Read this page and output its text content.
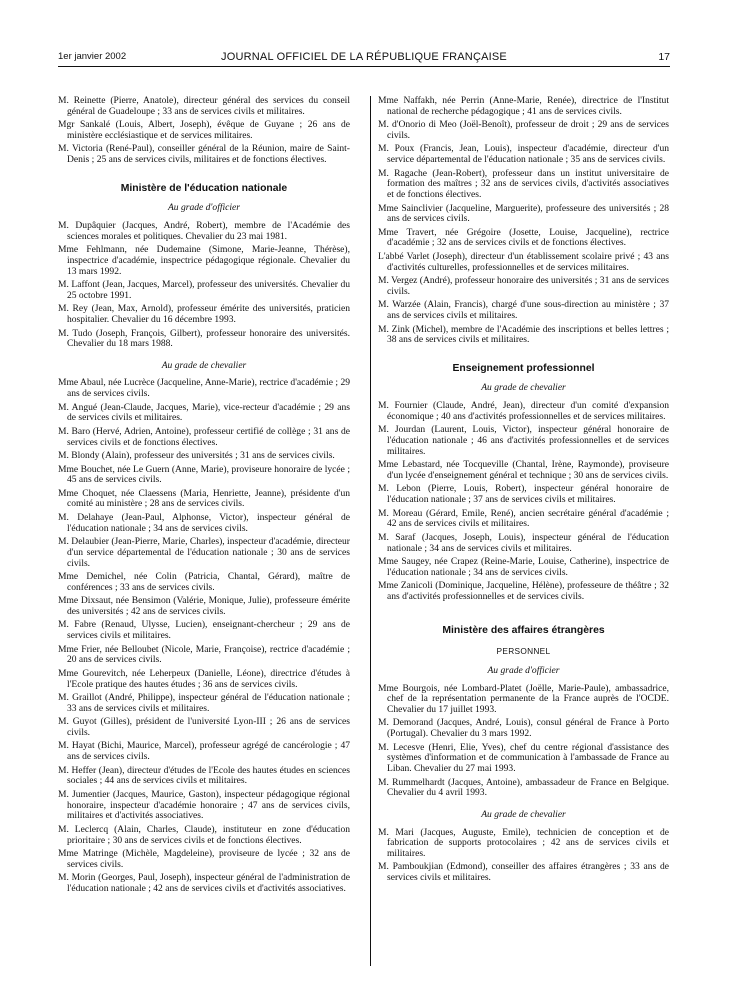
1er janvier 2002	JOURNAL OFFICIEL DE LA RÉPUBLIQUE FRANÇAISE	17

M. Reinette (Pierre, Anatole), directeur général des services du conseil général de Guadeloupe ; 33 ans de services civils et militaires.

Mgr Sankalé (Louis, Albert, Joseph), évêque de Guyane ; 26 ans de ministère ecclésiastique et de services militaires.

M. Victoria (René-Paul), conseiller général de la Réunion, maire de Saint-Denis ; 25 ans de services civils, militaires et de fonctions électives.

Ministère de l'éducation nationale
Au grade d'officier

M. Dupâquier (Jacques, André, Robert), membre de l'Académie des sciences morales et politiques. Chevalier du 23 mai 1981.

Mme Fehlmann, née Dudemaine (Simone, Marie-Jeanne, Thérèse), inspectrice d'académie, inspectrice pédagogique régionale. Chevalier du 13 mars 1992.

M. Laffont (Jean, Jacques, Marcel), professeur des universités. Chevalier du 25 octobre 1991.

M. Rey (Jean, Max, Arnold), professeur émérite des universités, praticien hospitalier. Chevalier du 16 décembre 1993.

M. Tudo (Joseph, François, Gilbert), professeur honoraire des universités. Chevalier du 18 mars 1988.

Au grade de chevalier

Mme Abaul, née Lucrèce (Jacqueline, Anne-Marie), rectrice d'académie ; 29 ans de services civils.

M. Angué (Jean-Claude, Jacques, Marie), vice-recteur d'académie ; 29 ans de services civils et militaires.

M. Baro (Hervé, Adrien, Antoine), professeur certifié de collège ; 31 ans de services civils et de fonctions électives.

M. Blondy (Alain), professeur des universités ; 31 ans de services civils.

Mme Bouchet, née Le Guern (Anne, Marie), proviseure honoraire de lycée ; 45 ans de services civils.

Mme Choquet, née Claessens (Maria, Henriette, Jeanne), présidente d'un comité au ministère ; 28 ans de services civils.

M. Delahaye (Jean-Paul, Alphonse, Victor), inspecteur général de l'éducation nationale ; 34 ans de services civils.

M. Delaubier (Jean-Pierre, Marie, Charles), inspecteur d'académie, directeur d'un service départemental de l'éducation nationale ; 30 ans de services civils.

Mme Demichel, née Colin (Patricia, Chantal, Gérard), maître de conférences ; 33 ans de services civils.

Mme Dixsaut, née Bensimon (Valérie, Monique, Julie), professeure émérite des universités ; 42 ans de services civils.

M. Fabre (Renaud, Ulysse, Lucien), enseignant-chercheur ; 29 ans de services civils et militaires.

Mme Frier, née Belloubet (Nicole, Marie, Françoise), rectrice d'académie ; 20 ans de services civils.

Mme Gourevitch, née Leherpeux (Danielle, Léone), directrice d'études à l'Ecole pratique des hautes études ; 36 ans de services civils.

M. Graillot (André, Philippe), inspecteur général de l'éducation nationale ; 33 ans de services civils et militaires.

M. Guyot (Gilles), président de l'université Lyon-III ; 26 ans de services civils.

M. Hayat (Bichi, Maurice, Marcel), professeur agrégé de cancérologie ; 47 ans de services civils.

M. Heffer (Jean), directeur d'études de l'Ecole des hautes études en sciences sociales ; 44 ans de services civils et militaires.

M. Jumentier (Jacques, Maurice, Gaston), inspecteur pédagogique régional honoraire, inspecteur d'académie honoraire ; 47 ans de services civils, militaires et d'activités associatives.

M. Leclercq (Alain, Charles, Claude), instituteur en zone d'éducation prioritaire ; 30 ans de services civils et de fonctions électives.

Mme Matringe (Michèle, Magdeleine), proviseure de lycée ; 32 ans de services civils.

M. Morin (Georges, Paul, Joseph), inspecteur général de l'administration de l'éducation nationale ; 42 ans de services civils et d'activités associatives.

Mme Naffakh, née Perrin (Anne-Marie, Renée), directrice de l'Institut national de recherche pédagogique ; 41 ans de services civils.

M. d'Onorio di Meo (Joël-Benoît), professeur de droit ; 29 ans de services civils.

M. Poux (Francis, Jean, Louis), inspecteur d'académie, directeur d'un service départemental de l'éducation nationale ; 35 ans de services civils.

M. Ragache (Jean-Robert), professeur dans un institut universitaire de formation des maîtres ; 32 ans de services civils, d'activités associatives et de fonctions électives.

Mme Sainclivier (Jacqueline, Marguerite), professeure des universités ; 28 ans de services civils.

Mme Travert, née Grégoire (Josette, Louise, Jacqueline), rectrice d'académie ; 32 ans de services civils et de fonctions électives.

L'abbé Varlet (Joseph), directeur d'un établissement scolaire privé ; 43 ans d'activités culturelles, professionnelles et de services militaires.

M. Vergez (André), professeur honoraire des universités ; 31 ans de services civils.

M. Warzée (Alain, Francis), chargé d'une sous-direction au ministère ; 37 ans de services civils et militaires.

M. Zink (Michel), membre de l'Académie des inscriptions et belles lettres ; 38 ans de services civils et militaires.

Enseignement professionnel
Au grade de chevalier

M. Fournier (Claude, André, Jean), directeur d'un comité d'expansion économique ; 40 ans d'activités professionnelles et de services militaires.

M. Jourdan (Laurent, Louis, Victor), inspecteur général honoraire de l'éducation nationale ; 46 ans d'activités professionnelles et de services militaires.

Mme Lebastard, née Tocqueville (Chantal, Irène, Raymonde), proviseure d'un lycée d'enseignement général et technique ; 30 ans de services civils.

M. Lebon (Pierre, Louis, Robert), inspecteur général honoraire de l'éducation nationale ; 37 ans de services civils et militaires.

M. Moreau (Gérard, Emile, René), ancien secrétaire général d'académie ; 42 ans de services civils et militaires.

M. Saraf (Jacques, Joseph, Louis), inspecteur général de l'éducation nationale ; 34 ans de services civils et militaires.

Mme Saugey, née Crapez (Reine-Marie, Louise, Catherine), inspectrice de l'éducation nationale ; 34 ans de services civils.

Mme Zanicoli (Dominique, Jacqueline, Hélène), professeure de théâtre ; 32 ans d'activités professionnelles et de services civils.

Ministère des affaires étrangères
PERSONNEL
Au grade d'officier

Mme Bourgois, née Lombard-Platet (Joëlle, Marie-Paule), ambassadrice, chef de la représentation permanente de la France auprès de l'OCDE. Chevalier du 17 juillet 1993.

M. Demorand (Jacques, André, Louis), consul général de France à Porto (Portugal). Chevalier du 3 mars 1992.

M. Lecesve (Henri, Elie, Yves), chef du centre régional d'assistance des systèmes d'information et de communication à l'ambassade de France au Liban. Chevalier du 27 mai 1993.

M. Rummelhardt (Jacques, Antoine), ambassadeur de France en Belgique. Chevalier du 4 avril 1993.

Au grade de chevalier

M. Mari (Jacques, Auguste, Emile), technicien de conception et de fabrication de supports protocolaires ; 42 ans de services civils et militaires.

M. Pamboukjian (Edmond), conseiller des affaires étrangères ; 33 ans de services civils et militaires.
